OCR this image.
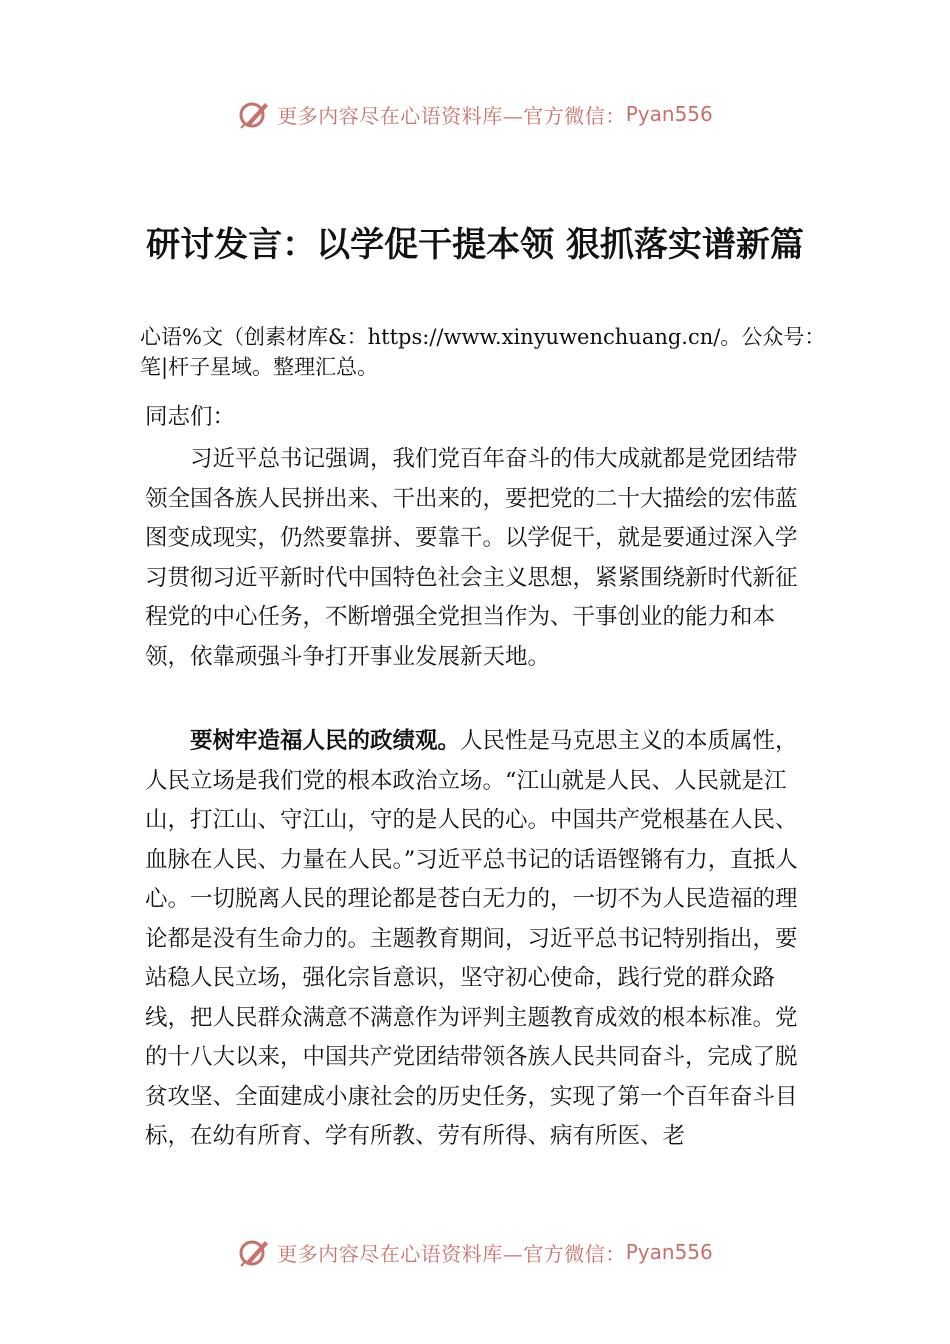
更多内容尽在心语资料库—官方微信： Pyan556
研讨发言：以学促干提本领 狠抓落实谱新篇
心语%文（创素材库&：https://www.xinyuwenchuang.cn/。公众号：笔|杆子星域。整理汇总。

同志们：

习近平总书记强调，我们党百年奋斗的伟大成就都是党团结带领全国各族人民拼出来、干出来的，要把党的二十大描绘的宏伟蓝图变成现实，仍然要靠拼、要靠干。以学促干，就是要通过深入学习贯彻习近平新时代中国特色社会主义思想，紧紧围绕新时代新征程党的中心任务，不断增强全党担当作为、干事创业的能力和本领，依靠顽强斗争打开事业发展新天地。

要树牢造福人民的政绩观。人民性是马克思主义的本质属性，人民立场是我们党的根本政治立场。“江山就是人民、人民就是江山，打江山、守江山，守的是人民的心。中国共产党根基在人民、血脉在人民、力量在人民。”习近平总书记的话语铿锵有力，直抵人心。一切脱离人民的理论都是苍白无力的，一切不为人民造福的理论都是没有生命力的。主题教育期间，习近平总书记特别指出，要站稳人民立场，强化宗旨意识，坚守初心使命，践行党的群众路线，把人民群众满意不满意作为评判主题教育成效的根本标准。党的十八大以来，中国共产党团结带领各族人民共同奋斗，完成了脱贫攻坚、全面建成小康社会的历史任务，实现了第一个百年奋斗目标，在幼有所育、学有所教、劳有所得、病有所医、老

更多内容尽在心语资料库—官方微信： Pyan556
